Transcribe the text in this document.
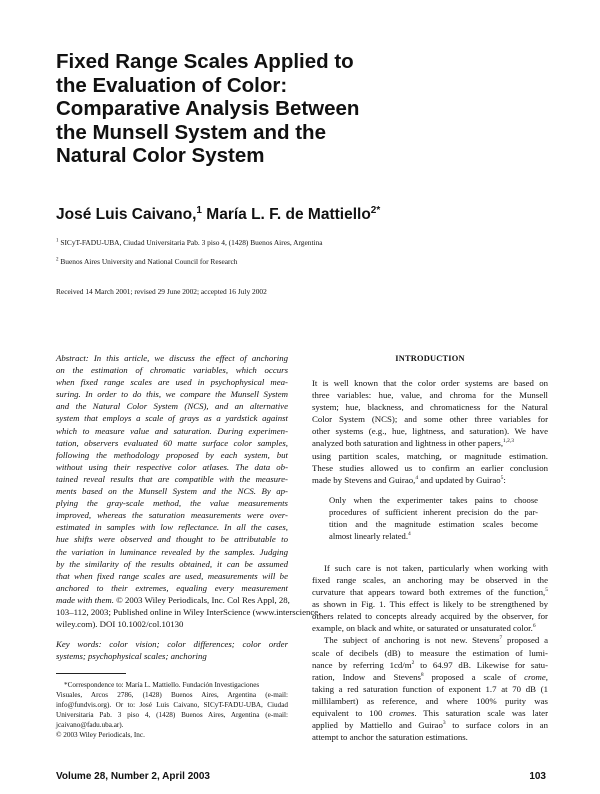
Fixed Range Scales Applied to
the Evaluation of Color:
Comparative Analysis Between
the Munsell System and the
Natural Color System

José Luis Caivano,$^1$ María L. F. de Mattiello$^{2*}$

$^1$ SICyT-FADU-UBA, Ciudad Universitaria Pab. 3 piso 4, (1428) Buenos Aires, Argentina
$^2$ Buenos Aires University and National Council for Research
Received 14 March 2001; revised 29 June 2002; accepted 16 July 2002
Abstract: In this article, we discuss the effect of anchoring
on the estimation of chromatic variables, which occurs
when fixed range scales are used in psychophysical mea-
suring. In order to do this, we compare the Munsell System
and the Natural Color System (NCS), and an alternative
system that employs a scale of grays as a yardstick against
which to measure value and saturation. During experimen-
tation, observers evaluated 60 matte surface color samples,
following the methodology proposed by each system, but
without using their respective color atlases. The data ob-
tained reveal results that are compatible with the measure-
ments based on the Munsell System and the NCS. By ap-
plying the gray-scale method, the value measurements
improved, whereas the saturation measurements were over-
estimated in samples with low reflectance. In all the cases,
hue shifts were observed and thought to be attributable to
the variation in luminance revealed by the samples. Judging
by the similarity of the results obtained, it can be assumed
that when fixed range scales are used, measurements will be
anchored to their extremes, equaling every measurement
made with them. © 2003 Wiley Periodicals, Inc. Col Res Appl, 28,
103–112, 2003; Published online in Wiley InterScience (www.interscience.
wiley.com). DOI 10.1002/col.10130
Key words: color vision; color differences; color order
systems; psychophysical scales; anchoring
*Correspondence to: María L. Mattiello. Fundación Investigaciones
Visuales, Arcos 2786, (1428) Buenos Aires, Argentina (e-mail:
info@fundvis.org). Or to: José Luis Caivano, SICyT-FADU-UBA, Ciudad
Universitaria Pab. 3 piso 4, (1428) Buenos Aires, Argentina (e-mail:
jcaivano@fadu.uba.ar).
© 2003 Wiley Periodicals, Inc.
INTRODUCTION
It is well known that the color order systems are based on
three variables: hue, value, and chroma for the Munsell
system; hue, blackness, and chromaticness for the Natural
Color System (NCS); and some other three variables for
other systems (e.g., hue, lightness, and saturation). We have
analyzed both saturation and lightness in other papers,$^{1,2,3}$
using partition scales, matching, or magnitude estimation.
These studies allowed us to confirm an earlier conclusion
made by Stevens and Guirao,$^4$ and updated by Guirao$^5$:
Only when the experimenter takes pains to choose
procedures of sufficient inherent precision do the par-
tition and the magnitude estimation scales become
almost linearly related.$^4$
If such care is not taken, particularly when working with
fixed range scales, an anchoring may be observed in the
curvature that appears toward both extremes of the function,$^5$
as shown in Fig. 1. This effect is likely to be strengthened by
others related to concepts already acquired by the observer, for
example, on black and white, or saturated or unsaturated color.$^6$
The subject of anchoring is not new. Stevens$^7$ proposed a
scale of decibels (dB) to measure the estimation of lumi-
nance by referring $1cd/m^2$ to 64.97 dB. Likewise for satu-
ration, Indow and Stevens$^8$ proposed a scale of crome,
taking a red saturation function of exponent 1.7 at 70 dB (1
millilambert) as reference, and where 100% purity was
equivalent to 100 cromes. This saturation scale was later
applied by Mattiello and Guirao$^3$ to surface colors in an
attempt to anchor the saturation estimations.
Volume 28, Number 2, April 2003	103
